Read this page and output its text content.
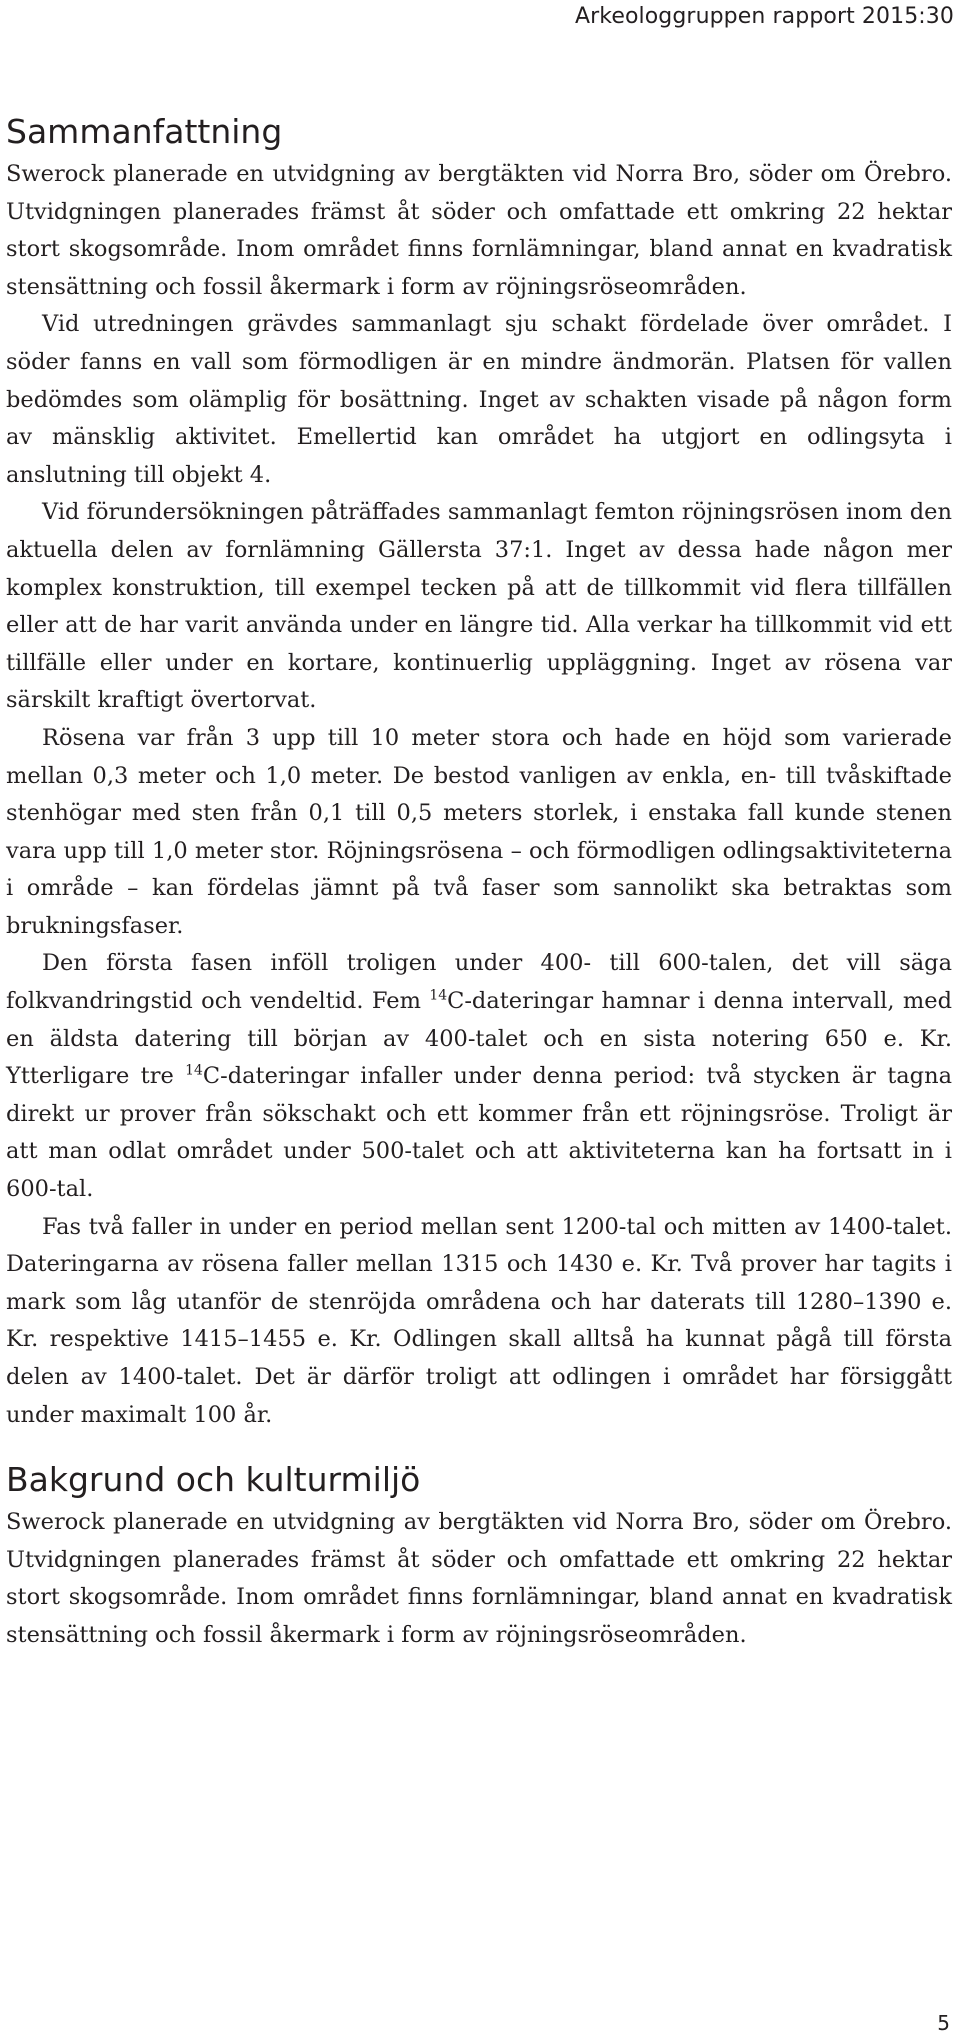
Arkeologgruppen rapport 2015:30
Sammanfattning

Swerock planerade en utvidgning av bergtäkten vid Norra Bro, söder om Örebro. Utvidgningen planerades främst åt söder och omfattade ett omkring 22 hektar stort skogsområde. Inom området finns fornlämningar, bland annat en kvadratisk stensättning och fossil åkermark i form av röjningsröseområden.

Vid utredningen grävdes sammanlagt sju schakt fördelade över området. I söder fanns en vall som förmodligen är en mindre ändmorän. Platsen för vallen bedömdes som olämplig för bosättning. Inget av schakten visade på någon form av mänsklig aktivitet. Emellertid kan området ha utgjort en odlingsyta i anslutning till objekt 4.

Vid förundersökningen påträffades sammanlagt femton röjningsrösen inom den aktuella delen av fornlämning Gällersta 37:1. Inget av dessa hade någon mer komplex konstruktion, till exempel tecken på att de tillkommit vid flera tillfällen eller att de har varit använda under en längre tid. Alla verkar ha tillkommit vid ett tillfälle eller under en kortare, kontinuerlig uppläggning. Inget av rösena var särskilt kraftigt övertorvat.

Rösena var från 3 upp till 10 meter stora och hade en höjd som varierade mellan 0,3 meter och 1,0 meter. De bestod vanligen av enkla, en- till tvåskiftade stenhögar med sten från 0,1 till 0,5 meters storlek, i enstaka fall kunde stenen vara upp till 1,0 meter stor. Röjningsrösena – och förmodligen odlingsaktiviteterna i område – kan fördelas jämnt på två faser som sannolikt ska betraktas som brukningsfaser.

Den första fasen inföll troligen under 400- till 600-talen, det vill säga folkvandringstid och vendeltid. Fem $^{14}$C-dateringar hamnar i denna intervall, med en äldsta datering till början av 400-talet och en sista notering 650 e. Kr. Ytterligare tre $^{14}$C-dateringar infaller under denna period: två stycken är tagna direkt ur prover från sökschakt och ett kommer från ett röjningsröse. Troligt är att man odlat området under 500-talet och att aktiviteterna kan ha fortsatt in i 600-tal.

Fas två faller in under en period mellan sent 1200-tal och mitten av 1400-talet. Dateringarna av rösena faller mellan 1315 och 1430 e. Kr. Två prover har tagits i mark som låg utanför de stenröjda områdena och har daterats till 1280–1390 e. Kr. respektive 1415–1455 e. Kr. Odlingen skall alltså ha kunnat pågå till första delen av 1400-talet. Det är därför troligt att odlingen i området har försiggått under maximalt 100 år.

Bakgrund och kulturmiljö

Swerock planerade en utvidgning av bergtäkten vid Norra Bro, söder om Örebro. Utvidgningen planerades främst åt söder och omfattade ett omkring 22 hektar stort skogsområde. Inom området finns fornlämningar, bland annat en kvadratisk stensättning och fossil åkermark i form av röjningsröseområden.

5
